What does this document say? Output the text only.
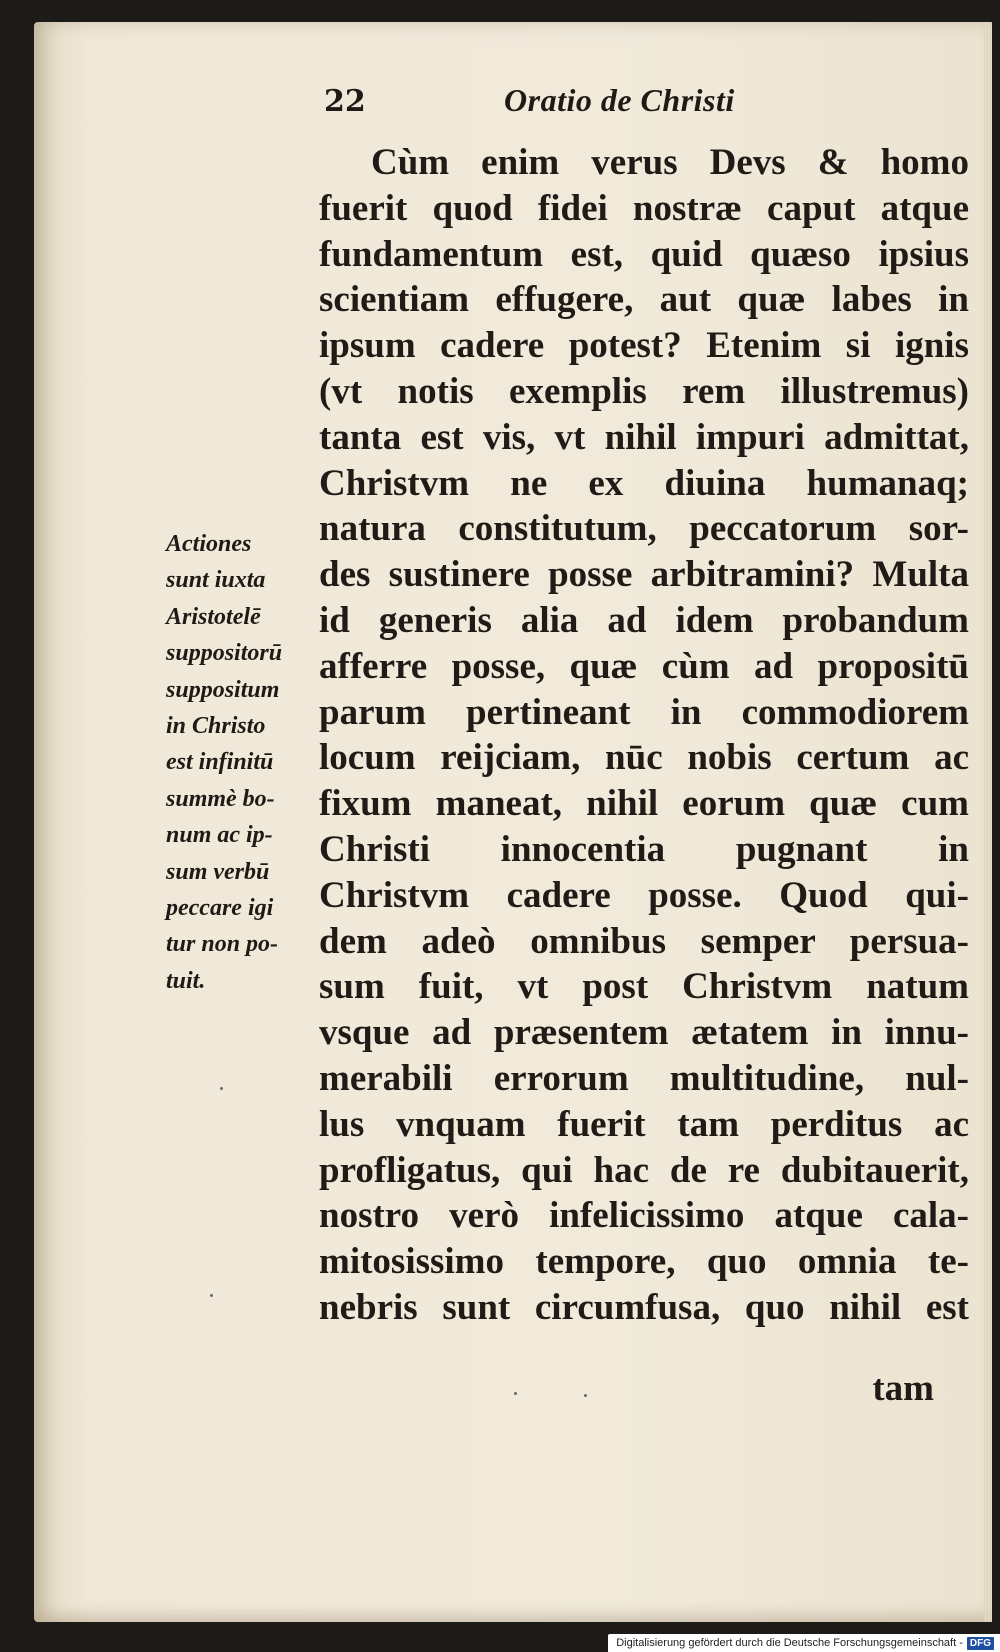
22	Oratio de Christi
Actiones
sunt iuxta
Aristotelē
suppositorū
suppositum
in Christo
est infinitū
summè bo-
num ac ip-
sum verbū
peccare igi
tur non po-
tuit.
Cùm enim verus Devs & homo
fuerit quod fidei nostræ caput atque
fundamentum est, quid quæso ipsius
scientiam effugere, aut quæ labes in
ipsum cadere potest? Etenim si ignis
(vt notis exemplis rem illustremus)
tanta est vis, vt nihil impuri admittat,
Christvm ne ex diuina humanaq;
natura constitutum, peccatorum sor-
des sustinere posse arbitramini? Multa
id generis alia ad idem probandum
afferre posse, quæ cùm ad propositū
parum pertineant in commodiorem
locum reijciam, nūc nobis certum ac
fixum maneat, nihil eorum quæ cum
Christi innocentia pugnant in
Christvm cadere posse. Quod qui-
dem adeò omnibus semper persua-
sum fuit, vt post Christvm natum
vsque ad præsentem ætatem in innu-
merabili errorum multitudine, nul-
lus vnquam fuerit tam perditus ac
profligatus, qui hac de re dubitauerit,
nostro verò infelicissimo atque cala-
mitosissimo tempore, quo omnia te-
nebris sunt circumfusa, quo nihil est
tam
Digitalisierung gefördert durch die Deutsche Forschungsgemeinschaft - DFG
